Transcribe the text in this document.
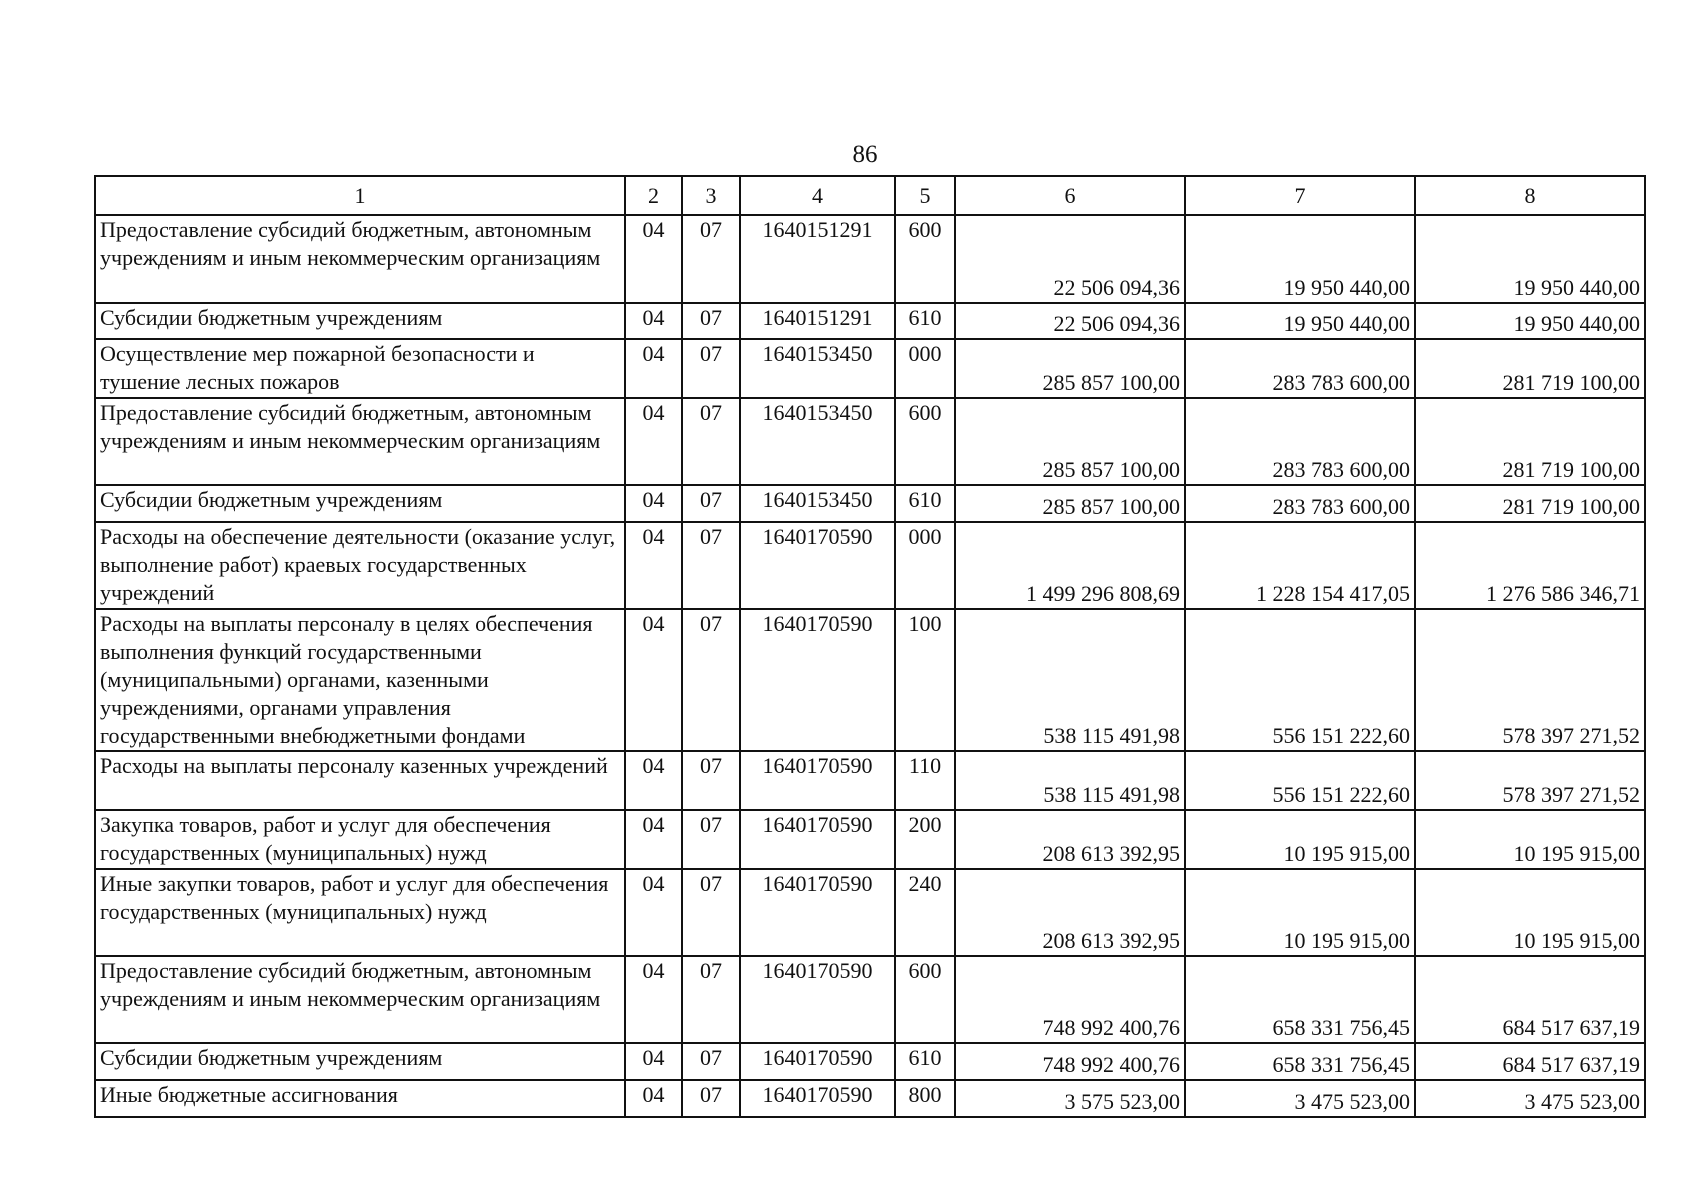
86
1	2	3	4	5	6	7	8
Предоставление субсидий бюджетным, автономным учреждениям и иным некоммерческим организациям	04	07	1640151291	600	22 506 094,36	19 950 440,00	19 950 440,00
Субсидии бюджетным учреждениям	04	07	1640151291	610	22 506 094,36	19 950 440,00	19 950 440,00
Осуществление мер пожарной безопасности и тушение лесных пожаров	04	07	1640153450	000	285 857 100,00	283 783 600,00	281 719 100,00
Предоставление субсидий бюджетным, автономным учреждениям и иным некоммерческим организациям	04	07	1640153450	600	285 857 100,00	283 783 600,00	281 719 100,00
Субсидии бюджетным учреждениям	04	07	1640153450	610	285 857 100,00	283 783 600,00	281 719 100,00
Расходы на обеспечение деятельности (оказание услуг, выполнение работ) краевых государственных учреждений	04	07	1640170590	000	1 499 296 808,69	1 228 154 417,05	1 276 586 346,71
Расходы на выплаты персоналу в целях обеспечения выполнения функций государственными (муниципальными) органами, казенными учреждениями, органами управления государственными внебюджетными фондами	04	07	1640170590	100	538 115 491,98	556 151 222,60	578 397 271,52
Расходы на выплаты персоналу казенных учреждений	04	07	1640170590	110	538 115 491,98	556 151 222,60	578 397 271,52
Закупка товаров, работ и услуг для обеспечения государственных (муниципальных) нужд	04	07	1640170590	200	208 613 392,95	10 195 915,00	10 195 915,00
Иные закупки товаров, работ и услуг для обеспечения государственных (муниципальных) нужд	04	07	1640170590	240	208 613 392,95	10 195 915,00	10 195 915,00
Предоставление субсидий бюджетным, автономным учреждениям и иным некоммерческим организациям	04	07	1640170590	600	748 992 400,76	658 331 756,45	684 517 637,19
Субсидии бюджетным учреждениям	04	07	1640170590	610	748 992 400,76	658 331 756,45	684 517 637,19
Иные бюджетные ассигнования	04	07	1640170590	800	3 575 523,00	3 475 523,00	3 475 523,00
